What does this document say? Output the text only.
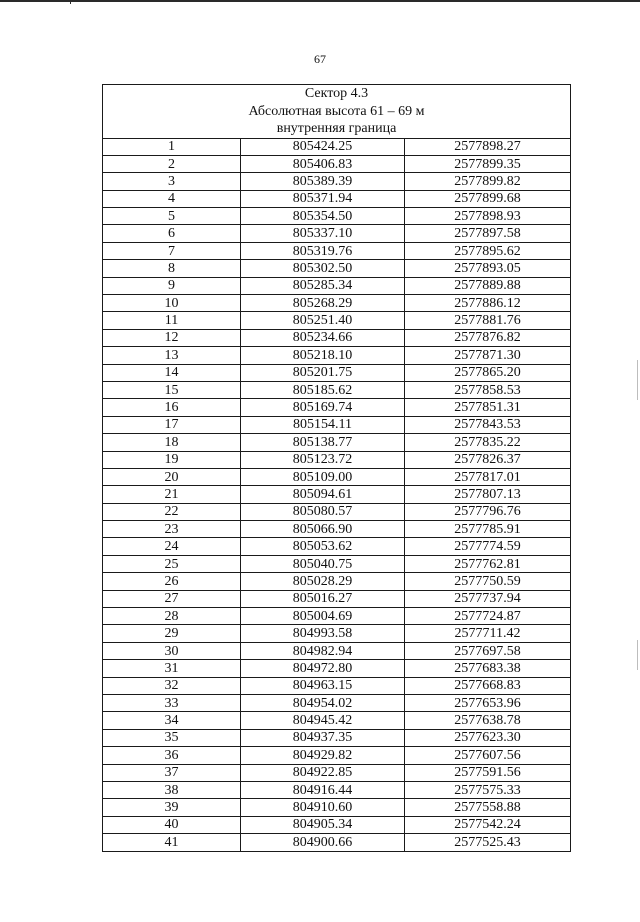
67
Сектор 4.3
Абсолютная высота 61 – 69 м
внутренняя граница		

1	805424.25	2577898.27
2	805406.83	2577899.35
3	805389.39	2577899.82
4	805371.94	2577899.68
5	805354.50	2577898.93
6	805337.10	2577897.58
7	805319.76	2577895.62
8	805302.50	2577893.05
9	805285.34	2577889.88
10	805268.29	2577886.12
11	805251.40	2577881.76
12	805234.66	2577876.82
13	805218.10	2577871.30
14	805201.75	2577865.20
15	805185.62	2577858.53
16	805169.74	2577851.31
17	805154.11	2577843.53
18	805138.77	2577835.22
19	805123.72	2577826.37
20	805109.00	2577817.01
21	805094.61	2577807.13
22	805080.57	2577796.76
23	805066.90	2577785.91
24	805053.62	2577774.59
25	805040.75	2577762.81
26	805028.29	2577750.59
27	805016.27	2577737.94
28	805004.69	2577724.87
29	804993.58	2577711.42
30	804982.94	2577697.58
31	804972.80	2577683.38
32	804963.15	2577668.83
33	804954.02	2577653.96
34	804945.42	2577638.78
35	804937.35	2577623.30
36	804929.82	2577607.56
37	804922.85	2577591.56
38	804916.44	2577575.33
39	804910.60	2577558.88
40	804905.34	2577542.24
41	804900.66	2577525.43
